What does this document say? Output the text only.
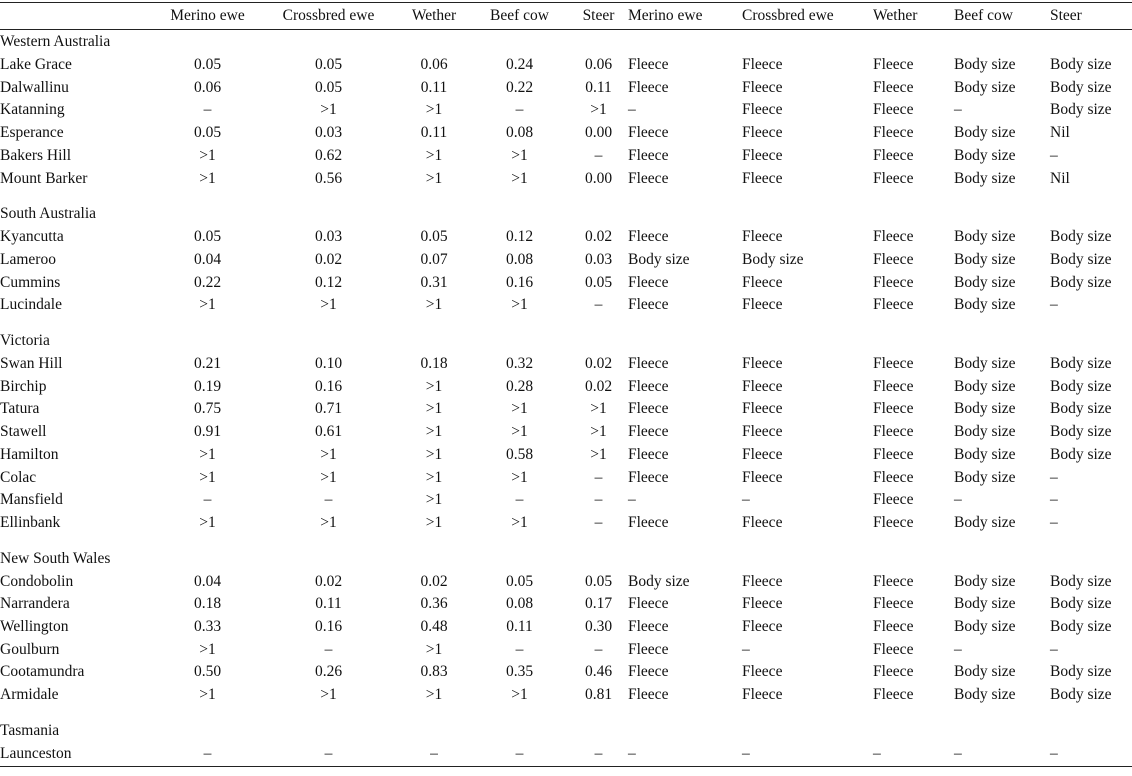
	Merino ewe	Crossbred ewe	Wether	Beef cow	Steer	Merino ewe	Crossbred ewe	Wether	Beef cow	Steer
Western Australia										
Lake Grace	0.05	0.05	0.06	0.24	0.06	Fleece	Fleece	Fleece	Body size	Body size
Dalwallinu	0.06	0.05	0.11	0.22	0.11	Fleece	Fleece	Fleece	Body size	Body size
Katanning	–	>1	>1	–	>1	–	Fleece	Fleece	–	Body size
Esperance	0.05	0.03	0.11	0.08	0.00	Fleece	Fleece	Fleece	Body size	Nil
Bakers Hill	>1	0.62	>1	>1	–	Fleece	Fleece	Fleece	Body size	–
Mount Barker	>1	0.56	>1	>1	0.00	Fleece	Fleece	Fleece	Body size	Nil

South Australia										
Kyancutta	0.05	0.03	0.05	0.12	0.02	Fleece	Fleece	Fleece	Body size	Body size
Lameroo	0.04	0.02	0.07	0.08	0.03	Body size	Body size	Fleece	Body size	Body size
Cummins	0.22	0.12	0.31	0.16	0.05	Fleece	Fleece	Fleece	Body size	Body size
Lucindale	>1	>1	>1	>1	–	Fleece	Fleece	Fleece	Body size	–

Victoria										
Swan Hill	0.21	0.10	0.18	0.32	0.02	Fleece	Fleece	Fleece	Body size	Body size
Birchip	0.19	0.16	>1	0.28	0.02	Fleece	Fleece	Fleece	Body size	Body size
Tatura	0.75	0.71	>1	>1	>1	Fleece	Fleece	Fleece	Body size	Body size
Stawell	0.91	0.61	>1	>1	>1	Fleece	Fleece	Fleece	Body size	Body size
Hamilton	>1	>1	>1	0.58	>1	Fleece	Fleece	Fleece	Body size	Body size
Colac	>1	>1	>1	>1	–	Fleece	Fleece	Fleece	Body size	–
Mansfield	–	–	>1	–	–	–	–	Fleece	–	–
Ellinbank	>1	>1	>1	>1	–	Fleece	Fleece	Fleece	Body size	–

New South Wales										
Condobolin	0.04	0.02	0.02	0.05	0.05	Body size	Fleece	Fleece	Body size	Body size
Narrandera	0.18	0.11	0.36	0.08	0.17	Fleece	Fleece	Fleece	Body size	Body size
Wellington	0.33	0.16	0.48	0.11	0.30	Fleece	Fleece	Fleece	Body size	Body size
Goulburn	>1	–	>1	–	–	Fleece	–	Fleece	–	–
Cootamundra	0.50	0.26	0.83	0.35	0.46	Fleece	Fleece	Fleece	Body size	Body size
Armidale	>1	>1	>1	>1	0.81	Fleece	Fleece	Fleece	Body size	Body size

Tasmania										
Launceston	–	–	–	–	–	–	–	–	–	–
